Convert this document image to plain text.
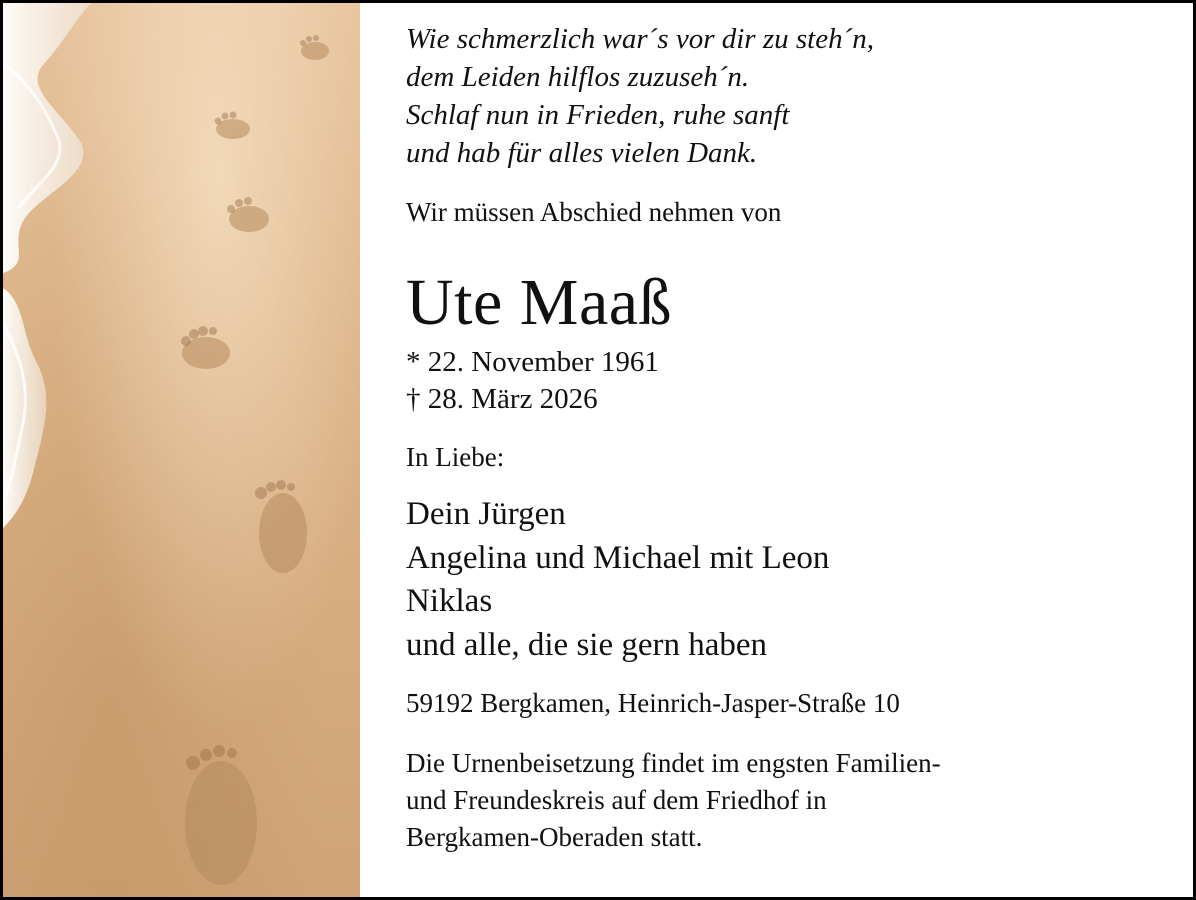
Wie schmerzlich war´s vor dir zu steh´n,
dem Leiden hilflos zuzuseh´n.
Schlaf nun in Frieden, ruhe sanft
und hab für alles vielen Dank.
Wir müssen Abschied nehmen von
Ute Maaß
* 22. November 1961
† 28. März 2026
In Liebe:
Dein Jürgen
Angelina und Michael mit Leon
Niklas
und alle, die sie gern haben
59192 Bergkamen, Heinrich-Jasper-Straße 10
Die Urnenbeisetzung findet im engsten Familien-
und Freundeskreis auf dem Friedhof in
Bergkamen-Oberaden statt.
